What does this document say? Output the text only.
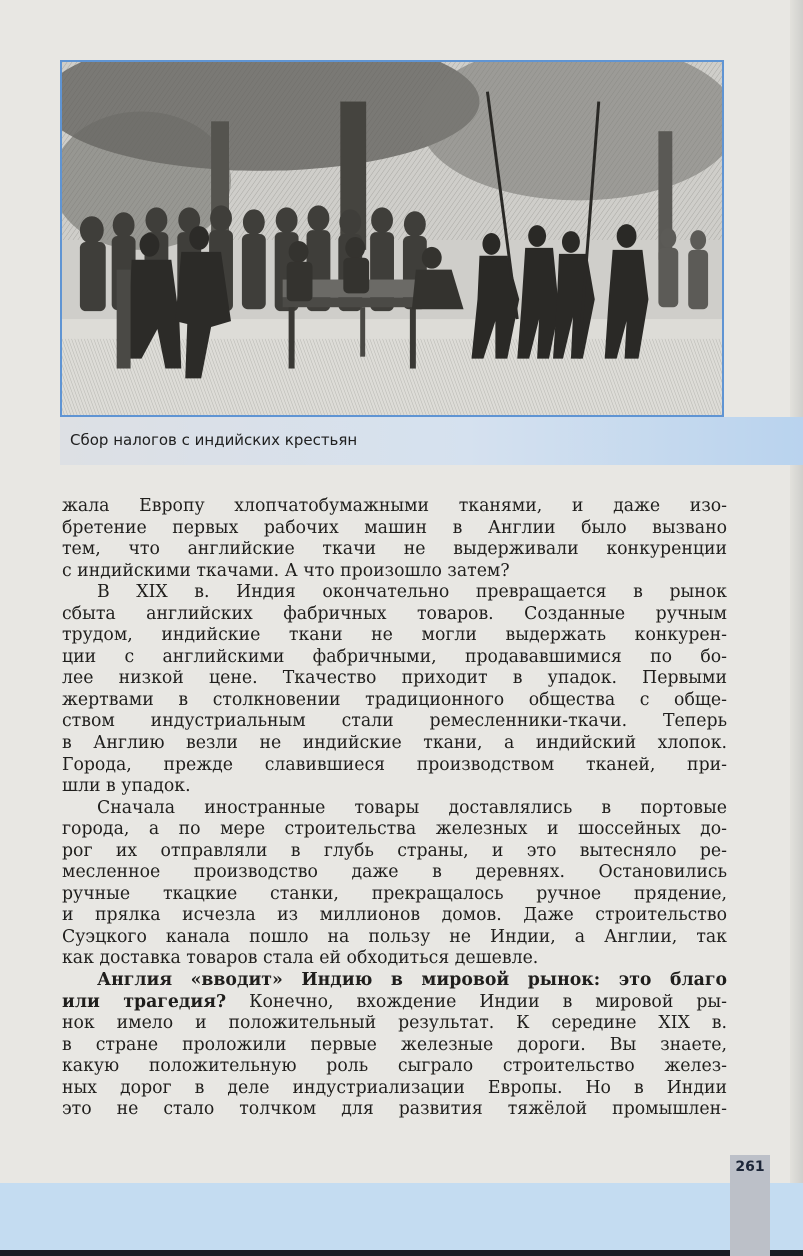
Сбор налогов с индийских крестьян
жала Европу хлопчатобумажными тканями, и даже изо-
бретение первых рабочих машин в Англии было вызвано
тем, что английские ткачи не выдерживали конкуренции
с индийскими ткачами. А что произошло затем?
В XIX в. Индия окончательно превращается в рынок
сбыта английских фабричных товаров. Созданные ручным
трудом, индийские ткани не могли выдержать конкурен-
ции с английскими фабричными, продававшимися по бо-
лее низкой цене. Ткачество приходит в упадок. Первыми
жертвами в столкновении традиционного общества с обще-
ством индустриальным стали ремесленники-ткачи. Теперь
в Англию везли не индийские ткани, а индийский хлопок.
Города, прежде славившиеся производством тканей, при-
шли в упадок.
Сначала иностранные товары доставлялись в портовые
города, а по мере строительства железных и шоссейных до-
рог их отправляли в глубь страны, и это вытесняло ре-
месленное производство даже в деревнях. Остановились
ручные ткацкие станки, прекращалось ручное прядение,
и прялка исчезла из миллионов домов. Даже строительство
Суэцкого канала пошло на пользу не Индии, а Англии, так
как доставка товаров стала ей обходиться дешевле.
Англия «вводит» Индию в мировой рынок: это благо
или трагедия? Конечно, вхождение Индии в мировой ры-
нок имело и положительный результат. К середине XIX в.
в стране проложили первые железные дороги. Вы знаете,
какую положительную роль сыграло строительство желез-
ных дорог в деле индустриализации Европы. Но в Индии
это не стало толчком для развития тяжёлой промышлен-
261
